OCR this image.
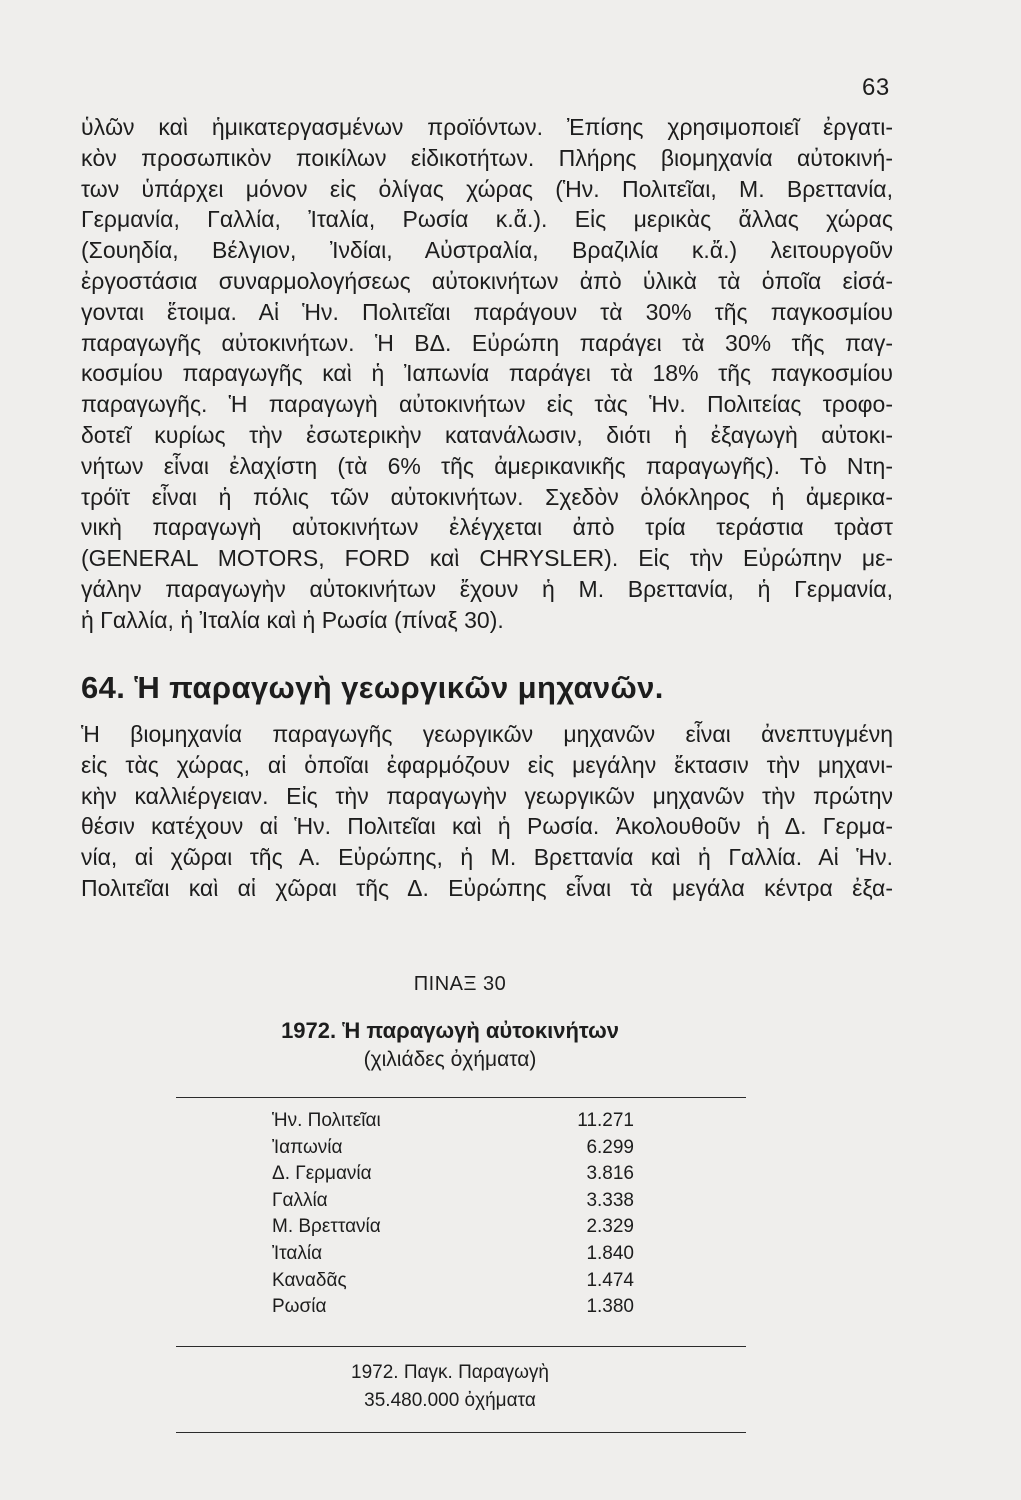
63
ὑλῶν καὶ ἡμικατεργασμένων προϊόντων. Ἐπίσης χρησιμοποιεῖ ἐργατι-
κὸν προσωπικὸν ποικίλων εἰδικοτήτων. Πλήρης βιομηχανία αὐτοκινή-
των ὑπάρχει μόνον εἰς ὀλίγας χώρας (Ἡν. Πολιτεῖαι, Μ. Βρεττανία,
Γερμανία, Γαλλία, Ἰταλία, Ρωσία κ.ἄ.). Εἰς μερικὰς ἄλλας χώρας
(Σουηδία, Βέλγιον, Ἰνδίαι, Αὐστραλία, Βραζιλία κ.ἄ.) λειτουργοῦν
ἐργοστάσια συναρμολογήσεως αὐτοκινήτων ἀπὸ ὑλικὰ τὰ ὁποῖα εἰσά-
γονται ἕτοιμα. Αἱ Ἡν. Πολιτεῖαι παράγουν τὰ 30% τῆς παγκοσμίου
παραγωγῆς αὐτοκινήτων. Ἡ ΒΔ. Εὐρώπη παράγει τὰ 30% τῆς παγ-
κοσμίου παραγωγῆς καὶ ἡ Ἰαπωνία παράγει τὰ 18% τῆς παγκοσμίου
παραγωγῆς. Ἡ παραγωγὴ αὐτοκινήτων εἰς τὰς Ἡν. Πολιτείας τροφο-
δοτεῖ κυρίως τὴν ἐσωτερικὴν κατανάλωσιν, διότι ἡ ἐξαγωγὴ αὐτοκι-
νήτων εἶναι ἐλαχίστη (τὰ 6% τῆς ἀμερικανικῆς παραγωγῆς). Τὸ Ντη-
τρόϊτ εἶναι ἡ πόλις τῶν αὐτοκινήτων. Σχεδὸν ὁλόκληρος ἡ ἀμερικα-
νικὴ παραγωγὴ αὐτοκινήτων ἐλέγχεται ἀπὸ τρία τεράστια τρὰστ
(GENERAL MOTORS, FORD καὶ CHRYSLER). Εἰς τὴν Εὐρώπην με-
γάλην παραγωγὴν αὐτοκινήτων ἔχουν ἡ Μ. Βρεττανία, ἡ Γερμανία,
ἡ Γαλλία, ἡ Ἰταλία καὶ ἡ Ρωσία (πίναξ 30).
64. Ἡ παραγωγὴ γεωργικῶν μηχανῶν.
Ἡ βιομηχανία παραγωγῆς γεωργικῶν μηχανῶν εἶναι ἀνεπτυγμένη
εἰς τὰς χώρας, αἱ ὁποῖαι ἐφαρμόζουν εἰς μεγάλην ἔκτασιν τὴν μηχανι-
κὴν καλλιέργειαν. Εἰς τὴν παραγωγὴν γεωργικῶν μηχανῶν τὴν πρώτην
θέσιν κατέχουν αἱ Ἡν. Πολιτεῖαι καὶ ἡ Ρωσία. Ἀκολουθοῦν ἡ Δ. Γερμα-
νία, αἱ χῶραι τῆς Α. Εὐρώπης, ἡ Μ. Βρεττανία καὶ ἡ Γαλλία. Αἱ Ἡν.
Πολιτεῖαι καὶ αἱ χῶραι τῆς Δ. Εὐρώπης εἶναι τὰ μεγάλα κέντρα ἐξα-
ΠΙΝΑΞ 30
1972. Ἡ παραγωγὴ αὐτοκινήτων
(χιλιάδες ὀχήματα)
Ἡν. Πολιτεῖαι	11.271
Ἰαπωνία	6.299
Δ. Γερμανία	3.816
Γαλλία	3.338
Μ. Βρεττανία	2.329
Ἰταλία	1.840
Καναδᾶς	1.474
Ρωσία	1.380
1972. Παγκ. Παραγωγὴ
35.480.000 ὀχήματα
